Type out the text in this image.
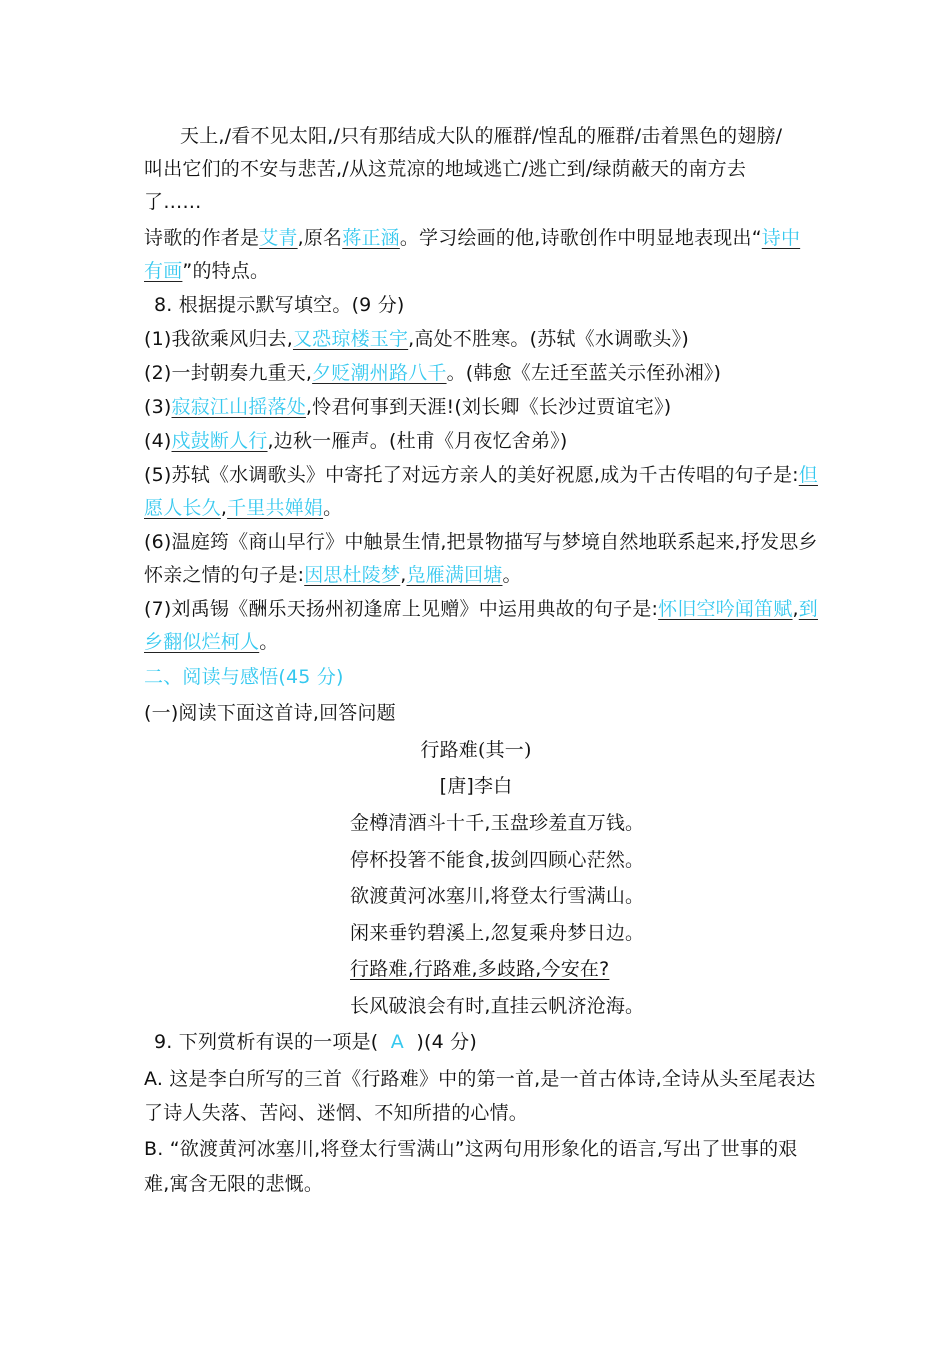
天上,/看不见太阳,/只有那结成大队的雁群/惶乱的雁群/击着黑色的翅膀/
叫出它们的不安与悲苦,/从这荒凉的地域逃亡/逃亡到/绿荫蔽天的南方去
了……
诗歌的作者是艾青,原名蒋正涵。学习绘画的他,诗歌创作中明显地表现出“诗中
有画”的特点。
8. 根据提示默写填空。(9 分)
(1)我欲乘风归去,又恐琼楼玉宇,高处不胜寒。(苏轼《水调歌头》)
(2)一封朝奏九重天,夕贬潮州路八千。(韩愈《左迁至蓝关示侄孙湘》)
(3)寂寂江山摇落处,怜君何事到天涯!(刘长卿《长沙过贾谊宅》)
(4)戍鼓断人行,边秋一雁声。(杜甫《月夜忆舍弟》)
(5)苏轼《水调歌头》中寄托了对远方亲人的美好祝愿,成为千古传唱的句子是:但
愿人长久,千里共婵娟。
(6)温庭筠《商山早行》中触景生情,把景物描写与梦境自然地联系起来,抒发思乡
怀亲之情的句子是:因思杜陵梦,凫雁满回塘。
(7)刘禹锡《酬乐天扬州初逢席上见赠》中运用典故的句子是:怀旧空吟闻笛赋,到
乡翻似烂柯人。
二、阅读与感悟(45 分)
(一)阅读下面这首诗,回答问题
行路难(其一)
[唐]李白
金樽清酒斗十千,玉盘珍羞直万钱。
停杯投箸不能食,拔剑四顾心茫然。
欲渡黄河冰塞川,将登太行雪满山。
闲来垂钓碧溪上,忽复乘舟梦日边。
行路难,行路难,多歧路,今安在?
长风破浪会有时,直挂云帆济沧海。
9. 下列赏析有误的一项是( A )(4 分)
A. 这是李白所写的三首《行路难》中的第一首,是一首古体诗,全诗从头至尾表达
了诗人失落、苦闷、迷惘、不知所措的心情。
B. “欲渡黄河冰塞川,将登太行雪满山”这两句用形象化的语言,写出了世事的艰
难,寓含无限的悲慨。
